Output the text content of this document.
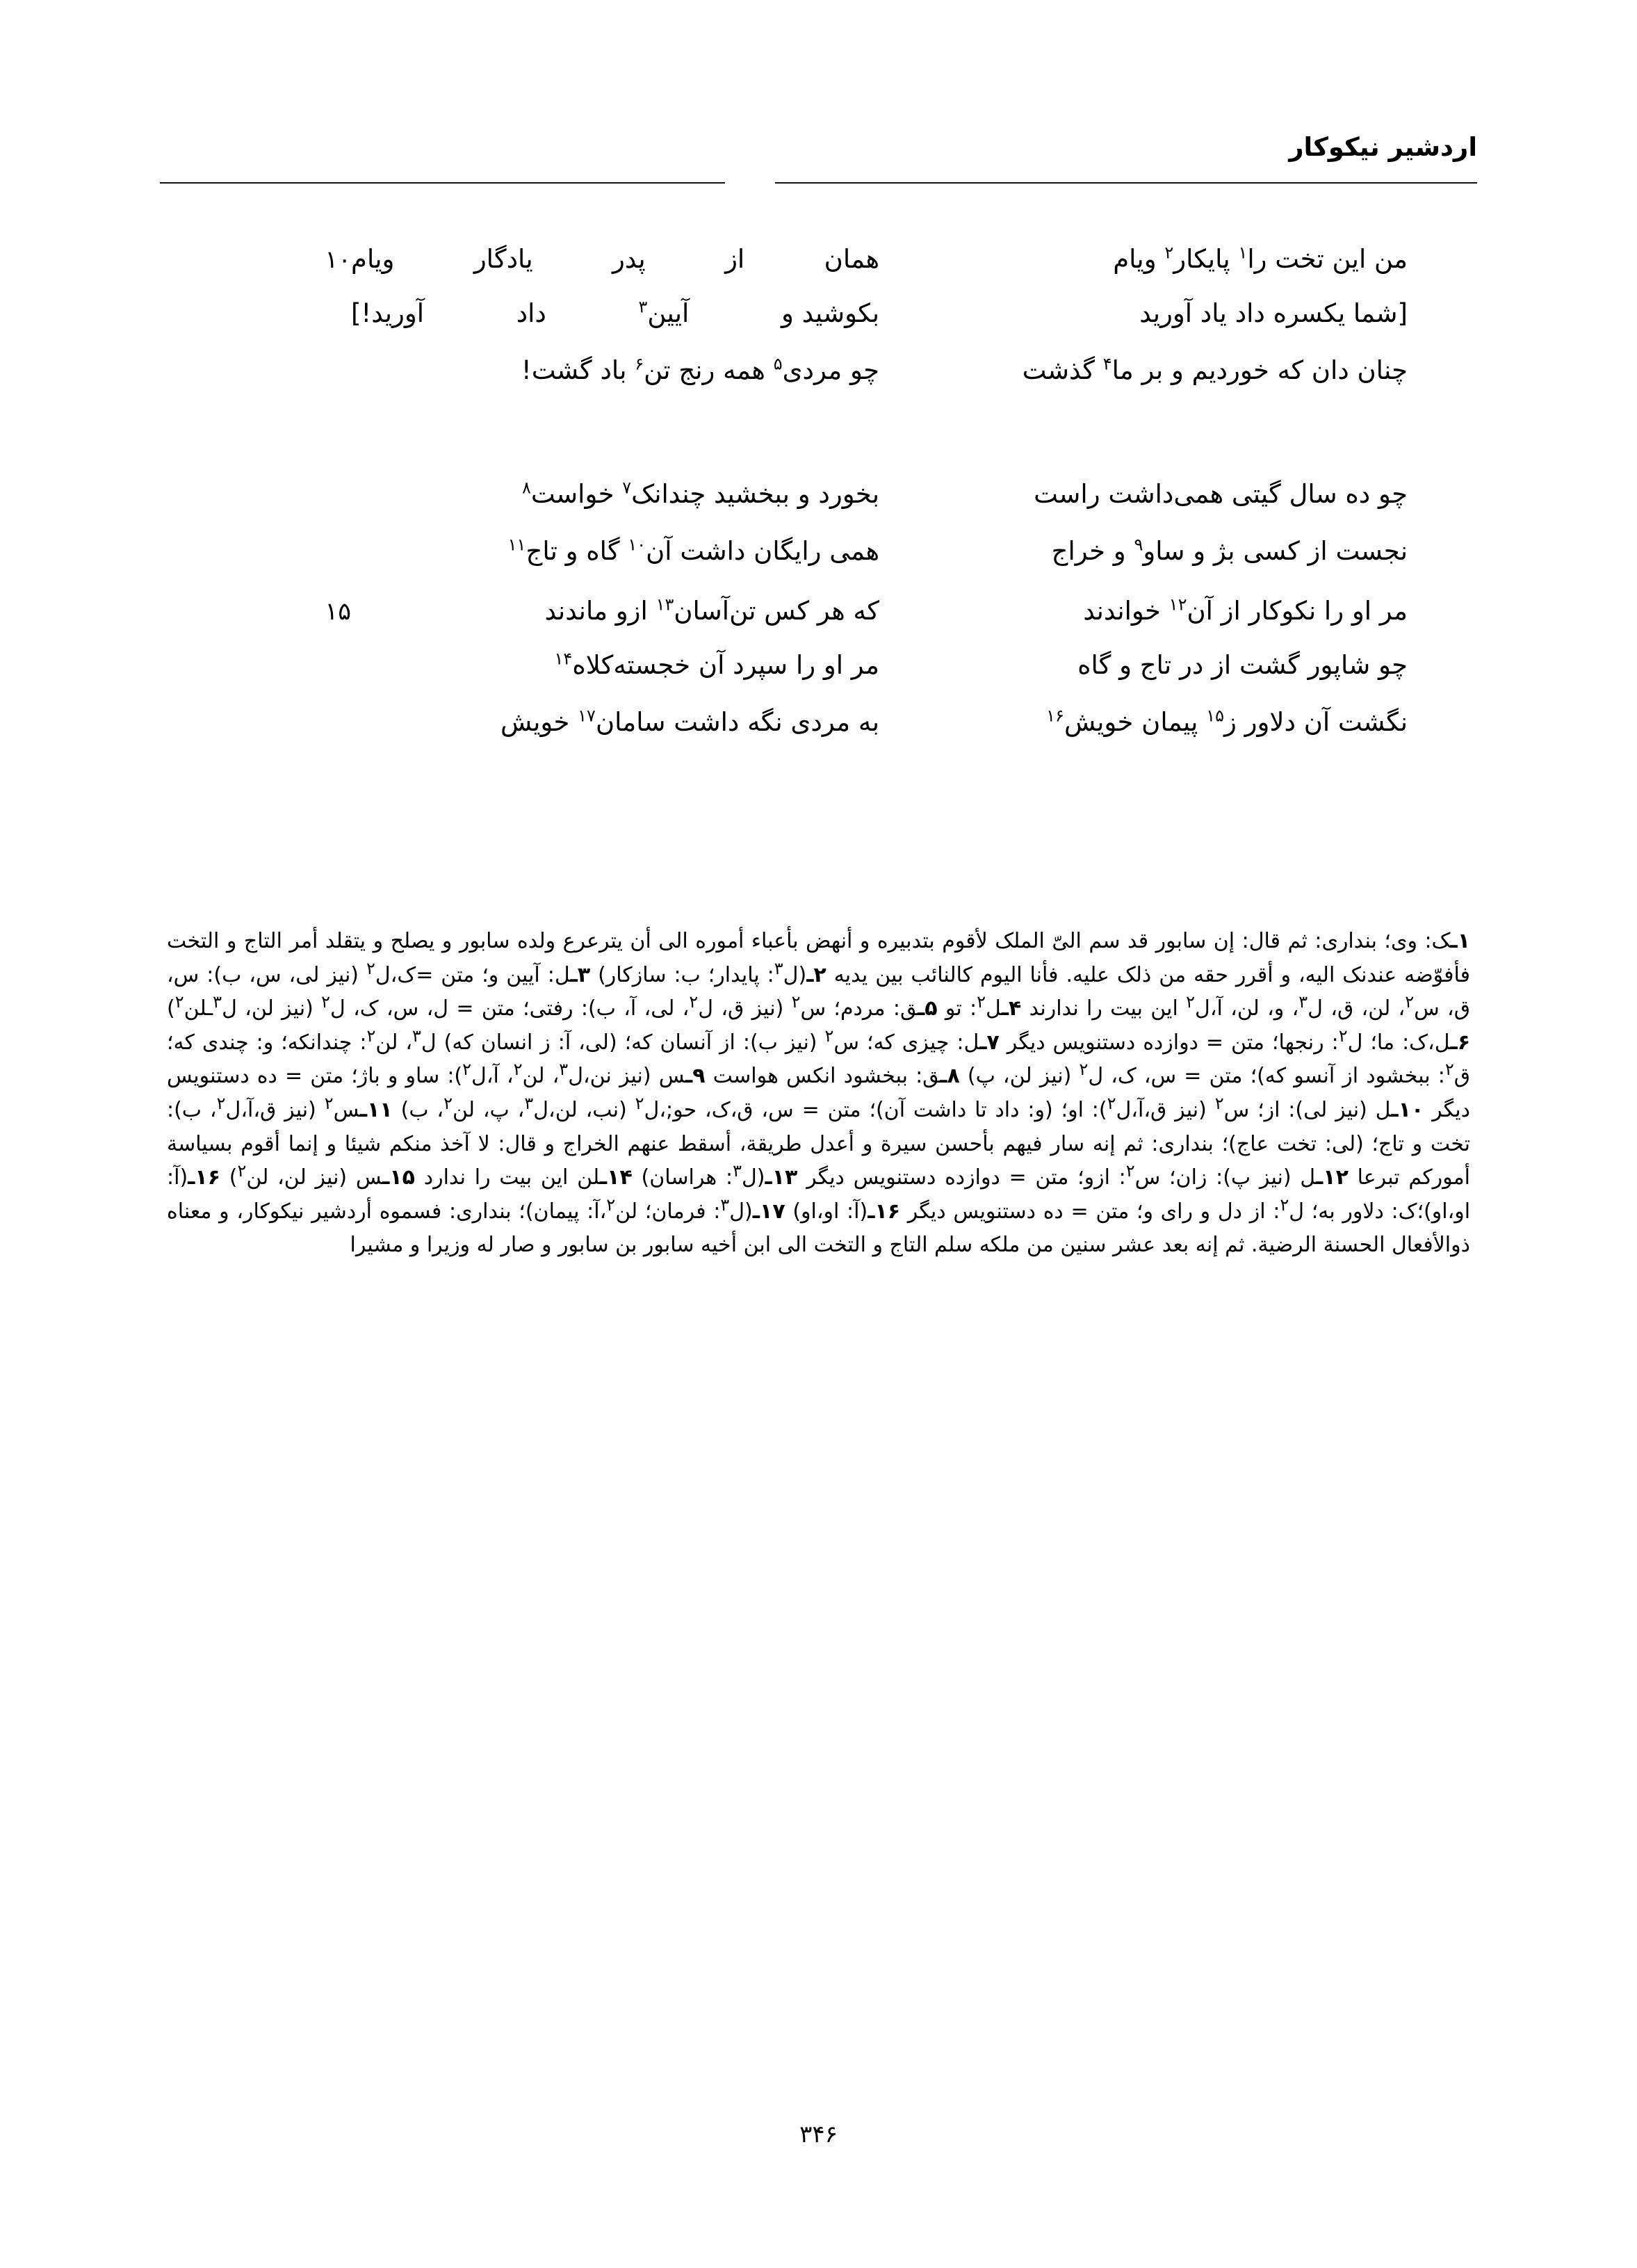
اردشیر نیکوکار
من این تخت را$^۱$ پایکار$^۲$ ویام
همان
از
پدر
یادگار
ویام
۱۰
[شما یکسره داد یاد آورید
بکوشید و
آیین$^۳$
داد
آورید!]
چنان دان که خوردیم و بر ما$^۴$ گذشت
چو مردی$^۵$ همه رنج تن$^۶$ باد گشت!
چو ده سال گیتی همی‌داشت راست
بخورد و ببخشید چندانک$^۷$ خواست$^۸$
نجست از کسی بژ و ساو$^۹$ و خراج
همی رایگان داشت آن$^{۱۰}$ گاه و تاج$^{۱۱}$
مر او را نکوکار از آن$^{۱۲}$ خواندند
که هر کس تن‌آسان$^{۱۳}$ ازو ماندند
۱۵
چو شاپور گشت از در تاج و گاه
مر او را سپرد آن خجسته‌کلاه$^{۱۴}$
نگشت آن دلاور ز$^{۱۵}$ پیمان خویش$^{۱۶}$
به مردی نگه داشت سامان$^{۱۷}$ خویش

۱ـک: وی؛ بنداری: ثم قال: إن سابور قد سم الیّ الملک لأقوم بتدبیره و أنهض بأعباء أموره الی أن یترعرع ولده سابور و یصلح و یتقلد أمر التاج و التخت فأفوّضه عندنک الیه، و أقرر حقه من ذلک علیه. فأنا الیوم کالنائب بین یدیه ۲ـ(ل$^۳$: پایدار؛ ب: سازکار) ۳ـل: آیین و؛ متن =ک،ل$^۲$ (نیز لی، س، ب): س، ق، س$^۲$، لن، ق، ل$^۳$، و، لن، آ،ل$^۲$ این بیت را ندارند ۴ـل$^۲$: تو ۵ـق: مردم؛ س$^۲$ (نیز ق، ل$^۲$، لی، آ، ب): رفتی؛ متن = ل، س، ک، ل$^۲$ (نیز لن، ل$^۳$ـلن$^۲$) ۶ـل،ک: ما؛ ل$^۲$: رنجها؛ متن = دوازده دستنویس دیگر ۷ـل: چیزی که؛ س$^۲$ (نیز ب): از آنسان که؛ (لی، آ: ز انسان که) ل$^۳$، لن$^۲$: چندانکه؛ و: چندی که؛ ق$^۲$: ببخشود از آنسو که)؛ متن = س، ک، ل$^۲$ (نیز لن، پ) ۸ـق: ببخشود انکس هواست ۹ـس (نیز نن،ل$^۳$، لن$^۲$، آ،ل$^۲$): ساو و باژ؛ متن = ده دستنویس دیگر ۱۰ـل (نیز لی): از؛ س$^۲$ (نیز ق،آ،ل$^۲$): او؛ (و: داد تا داشت آن)؛ متن = س، ق،ک، حو;،ل$^۲$ (نب، لن،ل$^۳$، پ، لن$^۲$، ب) ۱۱ـس$^۲$ (نیز ق،آ،ل$^۲$، ب): تخت و تاج؛ (لی: تخت عاج)؛ بنداری: ثم إنه سار فیهم بأحسن سیرة و أعدل طریقة، أسقط عنهم الخراج و قال: لا آخذ منکم شیئا و إنما أقوم بسیاسة أمورکم تبرعا ۱۲ـل (نیز پ): زان؛ س$^۲$: ازو؛ متن = دوازده دستنویس دیگر ۱۳ـ(ل$^۳$: هراسان) ۱۴ـلن این بیت را ندارد ۱۵ـس (نیز لن، لن$^۲$) ۱۶ـ(آ: او،او)؛ک: دلاور به؛ ل$^۲$: از دل و رای و؛ متن = ده دستنویس دیگر ۱۶ـ(آ: او،او) ۱۷ـ(ل$^۳$: فرمان؛ لن$^۲$،آ: پیمان)؛ بنداری: فسموه أردشیر نیکوکار، و معناه ذوالأفعال الحسنة الرضیة. ثم إنه بعد عشر سنین من ملکه سلم التاج و التخت الی ابن أخیه سابور بن سابور و صار له وزیرا و مشیرا

۳۴۶
